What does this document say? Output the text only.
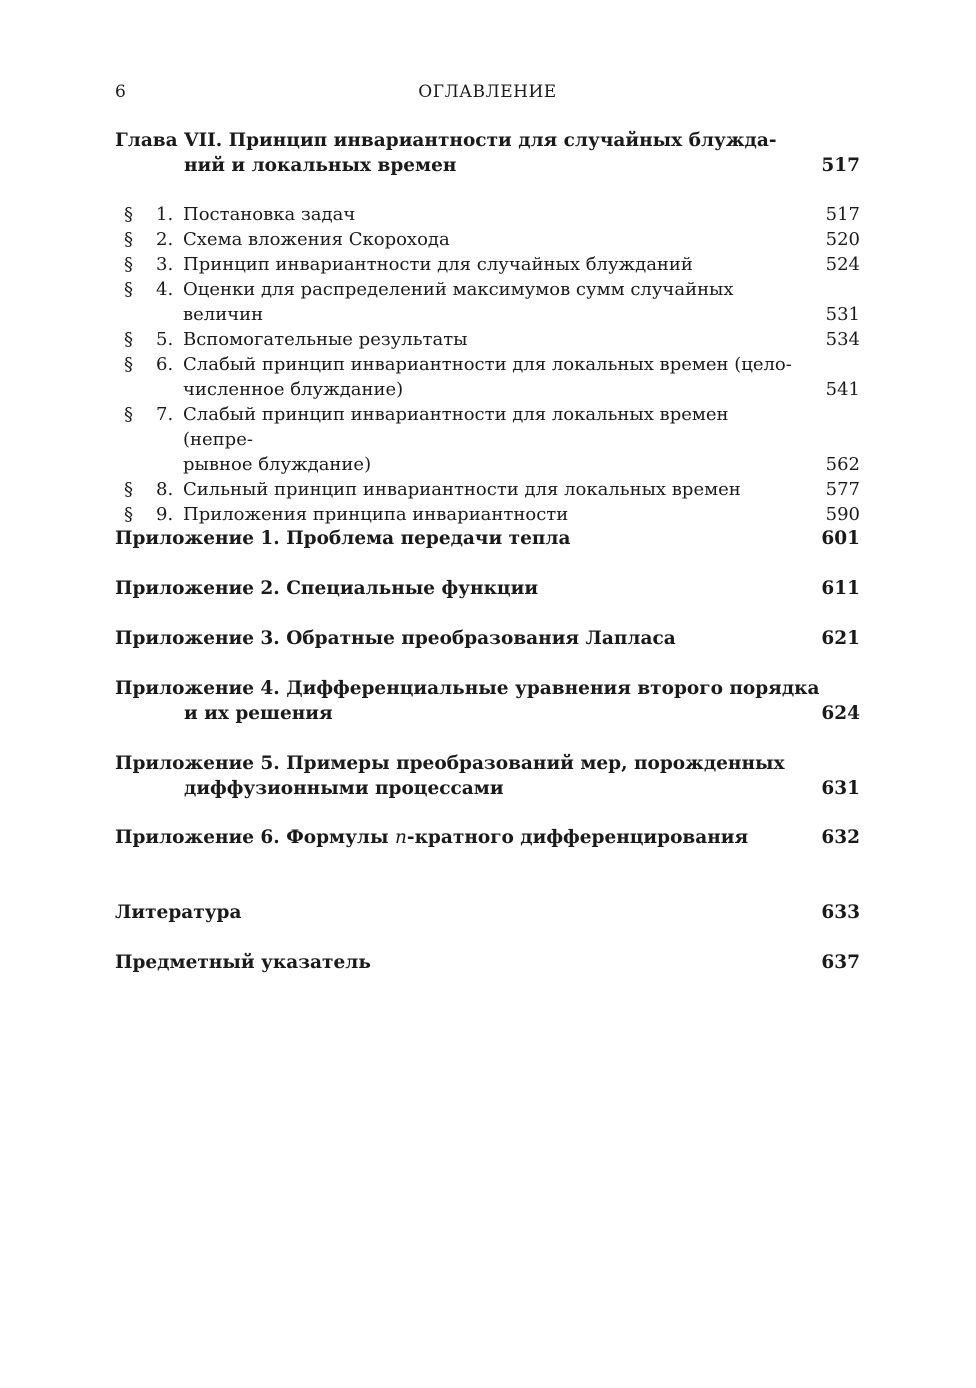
6	ОГЛАВЛЕНИЕ
Глава VII. Принцип инвариантности для случайных блужда-
ний и локальных времен	517
§ 1. Постановка задач	517
§ 2. Схема вложения Скорохода	520
§ 3. Принцип инвариантности для случайных блужданий	524
§ 4. Оценки для распределений максимумов сумм случайных величин	531
§ 5. Вспомогательные результаты	534
§ 6. Слабый принцип инвариантности для локальных времен (цело-
численное блуждание)	541
§ 7. Слабый принцип инвариантности для локальных времен (непре-
рывное блуждание)	562
§ 8. Сильный принцип инвариантности для локальных времен	577
§ 9. Приложения принципа инвариантности	590
Приложение 1. Проблема передачи тепла	601
Приложение 2. Специальные функции	611
Приложение 3. Обратные преобразования Лапласа	621
Приложение 4. Дифференциальные уравнения второго порядка
и их решения	624
Приложение 5. Примеры преобразований мер, порожденных
диффузионными процессами	631
Приложение 6. Формулы n-кратного дифференцирования	632
Литература	633
Предметный указатель	637
